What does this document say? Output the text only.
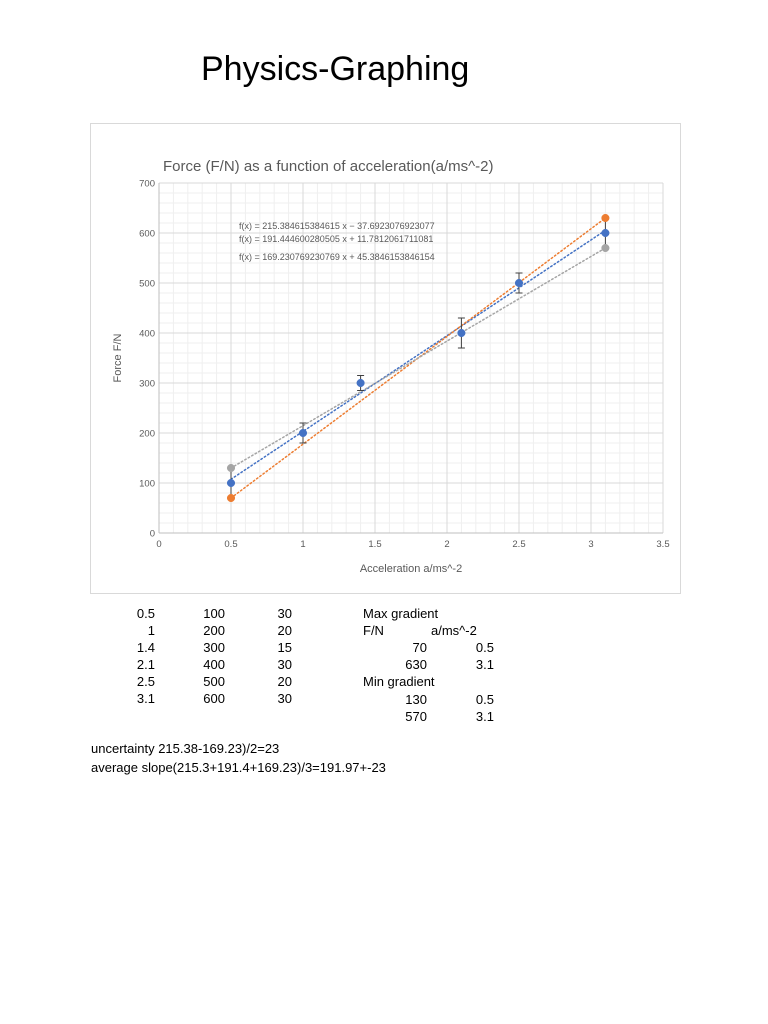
Physics-Graphing
0	0.5	1	1.5	2	2.5	3	3.5
0
100
200
300
400
500
600
700
Force (F/N) as a function of acceleration(a/ms^-2)
Acceleration a/ms^-2
Force F/N
f(x) = 215.384615384615 x − 37.6923076923077
f(x) = 191.444600280505 x + 11.7812061711081
f(x) = 169.230769230769 x + 45.3846153846154
0.5	100	30
1	200	20
1.4	300	15
2.1	400	30
2.5	500	20
3.1	600	30
Max gradient
F/N	a/ms^-2
70	0.5
630	3.1
Min gradient
130	0.5
570	3.1
uncertainty 215.38-169.23)/2=23
average slope(215.3+191.4+169.23)/3=191.97+-23
